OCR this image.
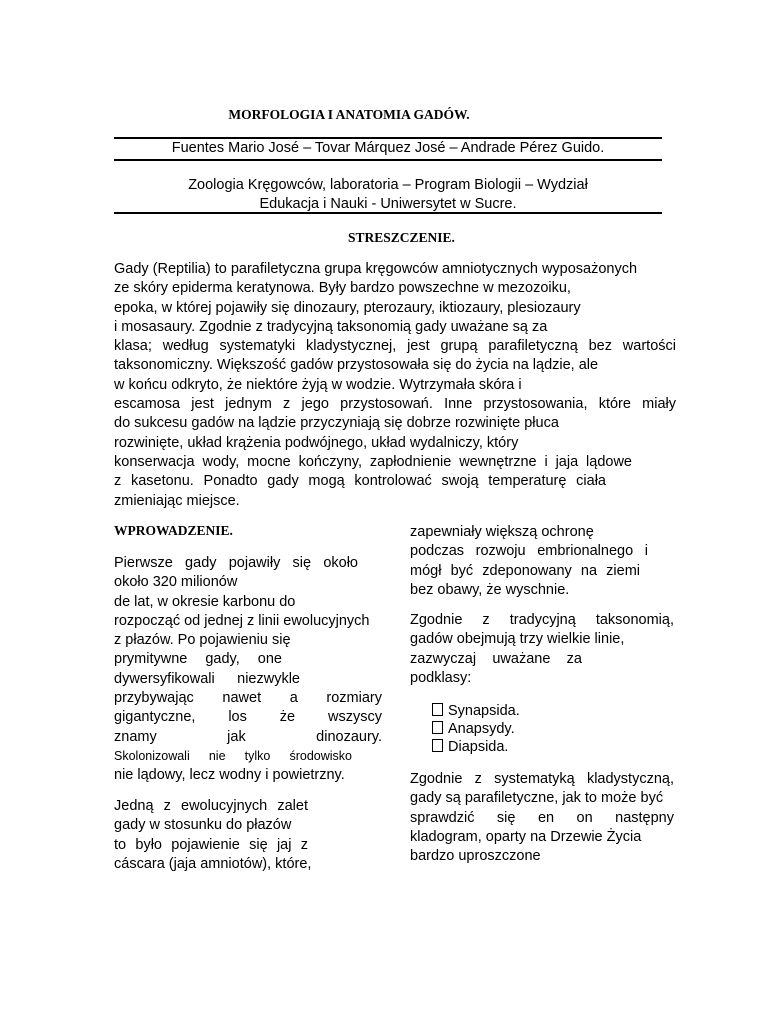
MORFOLOGIA I ANATOMIA GADÓW.
Fuentes Mario José – Tovar Márquez José – Andrade Pérez Guido.
Zoologia Kręgowców, laboratoria – Program Biologii – Wydział
Edukacja i Nauki - Uniwersytet w Sucre.
STRESZCZENIE.
Gady (Reptilia) to parafiletyczna grupa kręgowców amniotycznych wyposażonych
ze skóry epiderma keratynowa. Były bardzo powszechne w mezozoiku,
epoka, w której pojawiły się dinozaury, pterozaury, iktiozaury, plesiozaury
i mosasaury. Zgodnie z tradycyjną taksonomią gady uważane są za
klasa; według systematyki kladystycznej, jest grupą parafiletyczną bez wartości
taksonomiczny. Większość gadów przystosowała się do życia na lądzie, ale
w końcu odkryto, że niektóre żyją w wodzie. Wytrzymała skóra i
escamosa jest jednym z jego przystosowań. Inne przystosowania, które miały
do sukcesu gadów na lądzie przyczyniają się dobrze rozwinięte płuca
rozwinięte, układ krążenia podwójnego, układ wydalniczy, który
konserwacja wody, mocne kończyny, zapłodnienie wewnętrzne i jaja lądowe
z kasetonu. Ponadto gady mogą kontrolować swoją temperaturę ciała
zmieniając miejsce.
WPROWADZENIE.
Pierwsze gady pojawiły się około
około 320 milionów
de lat, w okresie karbonu do
rozpocząć od jednej z linii ewolucyjnych
z płazów. Po pojawieniu się
prymitywne gady, one
dywersyfikowali niezwykle
przybywając nawet a rozmiary
gigantyczne, los że wszyscy
znamy jak dinozaury.
Skolonizowali nie tylko środowisko
nie lądowy, lecz wodny i powietrzny.
Jedną z ewolucyjnych zalet
gady w stosunku do płazów
to było pojawienie się jaj z
cáscara (jaja amniotów), które,
zapewniały większą ochronę
podczas rozwoju embrionalnego i
mógł być zdeponowany na ziemi
bez obawy, że wyschnie.
Zgodnie z tradycyjną taksonomią,
gadów obejmują trzy wielkie linie,
zazwyczaj uważane za
podklasy:
Synapsida.
Anapsydy.
Diapsida.
Zgodnie z systematyką kladystyczną,
gady są parafiletyczne, jak to może być
sprawdzić się en on następny
kladogram, oparty na Drzewie Życia
bardzo uproszczone
